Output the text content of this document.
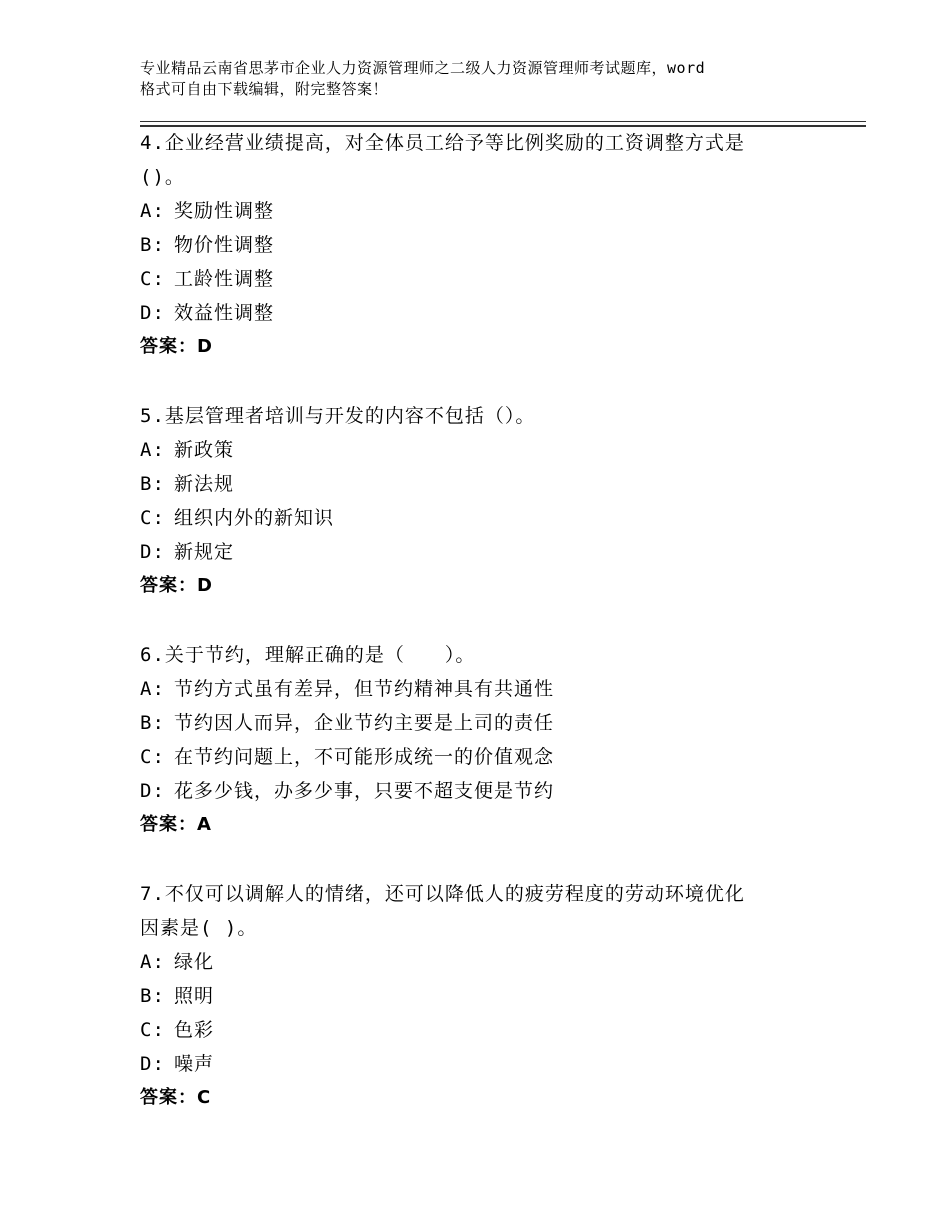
专业精品云南省思茅市企业人力资源管理师之二级人力资源管理师考试题库，word
格式可自由下载编辑，附完整答案！
4.企业经营业绩提高，对全体员工给予等比例奖励的工资调整方式是
()。
A: 奖励性调整
B: 物价性调整
C: 工龄性调整
D: 效益性调整
答案：D
5.基层管理者培训与开发的内容不包括（）。
A: 新政策
B: 新法规
C: 组织内外的新知识
D: 新规定
答案：D
6.关于节约，理解正确的是（　　）。
A: 节约方式虽有差异，但节约精神具有共通性
B: 节约因人而异，企业节约主要是上司的责任
C: 在节约问题上，不可能形成统一的价值观念
D: 花多少钱，办多少事，只要不超支便是节约
答案：A
7.不仅可以调解人的情绪，还可以降低人的疲劳程度的劳动环境优化
因素是( )。
A: 绿化
B: 照明
C: 色彩
D: 噪声
答案：C
